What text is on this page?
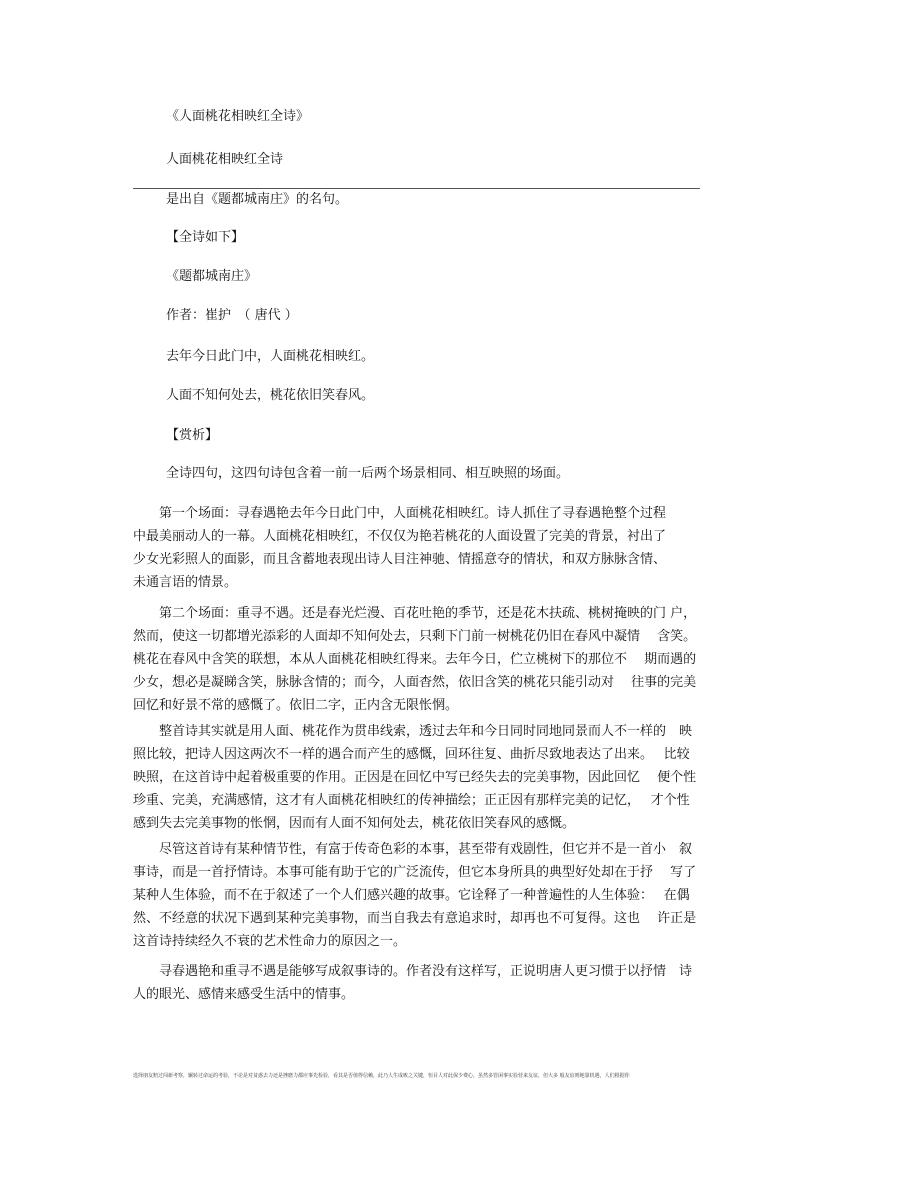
《人面桃花相映红全诗》
人面桃花相映红全诗
是出自《题都城南庄》的名句。
【全诗如下】
《题都城南庄》
作者：崔护　（ 唐代 ）
去年今日此门中，人面桃花相映红。
人面不知何处去，桃花依旧笑春风。
【赏析】
全诗四句，这四句诗包含着一前一后两个场景相同、相互映照的场面。

　　第一个场面：寻春遇艳去年今日此门中，人面桃花相映红。诗人抓住了寻春遇艳整个过程

中最美丽动人的一幕。人面桃花相映红，不仅仅为艳若桃花的人面设置了完美的背景，衬出了

少女光彩照人的面影，而且含蓄地表现出诗人目注神驰、情摇意夺的情状，和双方脉脉含情、

未通言语的情景。

　　第二个场面：重寻不遇。还是春光烂漫、百花吐艳的季节，还是花木扶疏、桃树掩映的门 户，

然而，使这一切都增光添彩的人面却不知何处去，只剩下门前一树桃花仍旧在春风中凝情　 含笑。

桃花在春风中含笑的联想，本从人面桃花相映红得来。去年今日，伫立桃树下的那位不　 期而遇的

少女，想必是凝睇含笑，脉脉含情的；而今，人面杳然，依旧含笑的桃花只能引动对　 往事的完美

回忆和好景不常的感慨了。依旧二字，正内含无限怅惘。

　　整首诗其实就是用人面、桃花作为贯串线索，透过去年和今日同时同地同景而人不一样的　映

照比较，把诗人因这两次不一样的遇合而产生的感慨，回环往复、曲折尽致地表达了出来。　 比较

映照，在这首诗中起着极重要的作用。正因是在回忆中写已经失去的完美事物，因此回忆　 便个性

珍重、完美，充满感情，这才有人面桃花相映红的传神描绘；正正因有那样完美的记忆，　 才个性

感到失去完美事物的怅惘，因而有人面不知何处去，桃花依旧笑春风的感慨。

　　尽管这首诗有某种情节性，有富于传奇色彩的本事，甚至带有戏剧性，但它并不是一首小　叙

事诗，而是一首抒情诗。本事可能有助于它的广泛流传，但它本身所具的典型好处却在于抒　 写了

某种人生体验，而不在于叙述了一个人们感兴趣的故事。它诠释了一种普遍性的人生体验：　 在偶

然、不经意的状况下遇到某种完美事物，而当自我去有意追求时，却再也不可复得。这也　 许正是

这首诗持续经久不衰的艺术性命力的原因之一。

　　寻春遇艳和重寻不遇是能够写成叙事诗的。作者没有这样写，正说明唐人更习惯于以抒情　诗

人的眼光、感情来感受生活中的情事。

选择朋友赔过闯新考察，辗转过命运的考验，不论是对贫惑去力还是挫磨力都应事先检验，看其是否值得信赖，此乃人生成败之关键，恒目人对此保少费心，虽然多管闲事实验营来友谊，但大多 般友谊则地靠机遇，人们根据你
